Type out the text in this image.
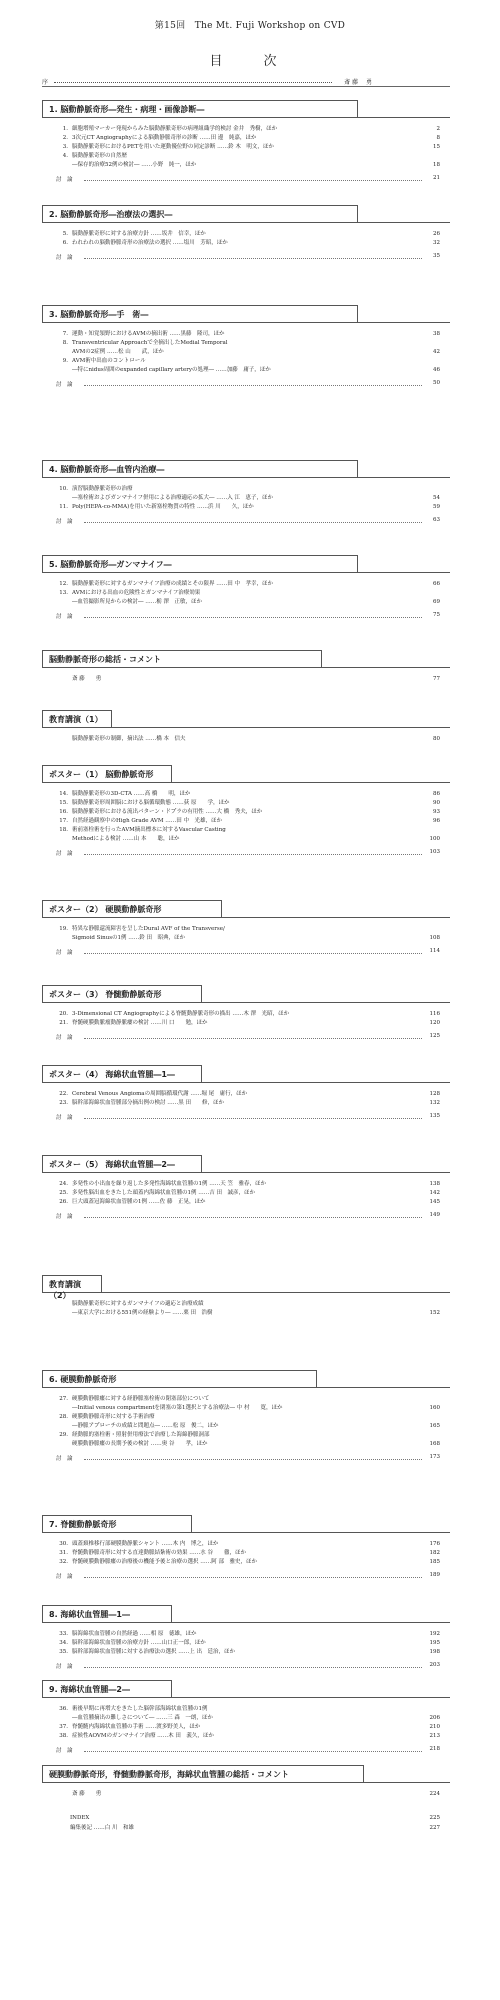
第15回　The Mt. Fuji Workshop on CVD
目　次
序	斎 藤 　勇
1. 脳動静脈奇形―発生・病理・画像診断―
1. 細胞増殖マーカー発現からみた脳動静脈奇形の病理組織学的検討 金井　秀樹，ほか	2
2. 3次元CT Angiographyによる脳動静脈奇形の診断 ……田 邊　純嘉，ほか	8
3. 脳動静脈奇形におけるPETを用いた運動優位野の同定診断 ……鈴 木　明文，ほか	15
4. 脳動静脈奇形の自然歴
―保存的治療52例の検討― ……小野　純一，ほか	18
討　論	21
2. 脳動静脈奇形―治療法の選択―
5. 脳動静脈奇形に対する治療方針 ……坂井　信幸，ほか	26
6. われわれの脳動静脈奇形の治療法の選択 ……塩川　芳昭，ほか	32
討　論	35
3. 脳動静脈奇形―手　術―
7. 運動・知覚領野におけるAVMの摘出術 ……黒藤　隆司，ほか	38
8. Transventricular Approachで全摘出したMedial Temporal
AVMの2症例 ……松 山　　武，ほか	42
9. AVM術中出血のコントロール
―特にnidus周囲のexpanded capillary arteryの処理― ……加藤　庸子，ほか	46
討　論	50
4. 脳動静脈奇形―血管内治療―
10. 演習脳動静脈奇形の治療
―塞栓術およびガンマナイフ併用による治療適応の拡大― ……入 江　恵子，ほか	54
11. Poly(HEPA-co-MMA)を用いた新塞栓物質の特性 ……浜 川　　久，ほか	59
討　論	63
5. 脳動静脈奇形―ガンマナイフ―
12. 脳動静脈奇形に対するガンマナイフ治療の成績とその限界 ……田 中　孝幸，ほか	66
13. AVMにおける出血の危険性とガンマナイフ治療効果
―血管撮影所見からの検討― ……栃 澤　正敏，ほか	69
討　論	75
脳動静脈奇形の総括・コメント
斎 藤　　勇	77
教育講演（1）
脳動静脈奇形の制御，摘出法 ……橋 本　信夫	80
ポスター（1） 脳動静脈奇形
14. 脳動静脈奇形の3D-CTA ……高 橋　　明，ほか	86
15. 脳動静脈奇形周囲脳における脳循環動態 ……荻 原　　学，ほか	90
16. 脳動静脈奇形における流出パターン・ドプラの有用性 ……大 橋　秀夫，ほか	93
17. 自然経過観察中のHigh Grade AVM ……田 中　光雄，ほか	96
18. 術前塞栓術を行ったAVM摘出標本に対するVascular Casting
Methodによる検討 ……山 本　　聡，ほか	100
討　論	103
ポスター（2） 硬膜動静脈奇形
19. 特異な静脈還流障害を呈したDural AVF of the Transverse/
Sigmoid Sinusの1例 ……鈴 田　昭典，ほか	108
討　論	114
ポスター（3） 脊髄動静脈奇形
20. 3-Dimensional CT Angiographyによる脊髄動静脈奇形の描出 ……木 澤　光昭，ほか	116
21. 脊髄硬膜動脈瘤動静脈瘻の検討 ……川 口　　勉，ほか	120
討　論	125
ポスター（4） 海綿状血管腫―1―
22. Cerebral Venous Angiomaの周囲脳循環代謝 ……堀 尾　庸行，ほか	128
23. 脳幹部海綿状血管腫部分摘出例の検討 ……黒 田　　修，ほか	132
討　論	135
ポスター（5） 海綿状血管腫―2―
24. 多発性の小出血を繰り返した多発性海綿状血管腫の1例 ……天 笠　雅春，ほか	138
25. 多発性脳出血をきたした頭蓋内海綿状血管腫の1例 ……吉 田　誠彦，ほか	142
26. 巨大頭蓋冠海綿状血管腫の1例 ……佐 藤　正晃，ほか	145
討　論	149
教育講演（2）
脳動静脈奇形に対するガンマナイフの適応と治療成績
―東京大学における551例の経験より― ……栗 田　浩樹	152
6. 硬膜動静脈奇形
27. 硬膜動静脈瘻に対する経静脈塞栓術の閉塞部位について
―Initial venous compartmentを閉塞の第1選択とする治療法― 中 村　　寛，ほか	160
28. 硬膜動静脈奇形に対する手術治療
―静脈アプローチの成績と問題点― ……松 原　俊二，ほか	165
29. 経動脈的塞栓術・照射併用療法で治療した海綿静脈洞部
硬膜動静脈瘻の長期予後の検討 ……奥 谷　　孝，ほか	168
討　論	173
7. 脊髄動静脈奇形
30. 頭蓋頚椎移行部硬膜動静脈シャント ……木 内　博之，ほか	176
31. 脊髄動静脈奇形に対する直達動脈結紮術の効果 ……水 谷　　徹，ほか	182
32. 脊髄硬膜動静脈瘻の治療後の機能予後と治療の選択 ……阿 部　雅史，ほか	185
討　論	189
8. 海綿状血管腫―1―
33. 脳海綿状血管腫の自然経過 ……相 原　徳雄，ほか	192
34. 脳幹部海綿状血管腫の治療方針 ……山口正一郎，ほか	195
35. 脳幹部海綿状血管腫に対する治療法の選択 ……上 出　廷治，ほか	198
討　論	203
9. 海綿状血管腫―2―
36. 術後早期に再増大をきたした脳幹部海綿状血管腫の1例
―血管腫摘出の難しさについて― ……三 森　一朗，ほか	206
37. 脊髄髄内海綿状血管腫の手術 ……渡多野美人，ほか	210
38. 症候性AOVMのガンマナイフ治療 ……木 田　義久，ほか	213
討　論	218
硬膜動静脈奇形，脊髄動静脈奇形，海綿状血管腫の総括・コメント
斎 藤　　勇	224
INDEX	225
編集後記 ……白 川　和雄	227
